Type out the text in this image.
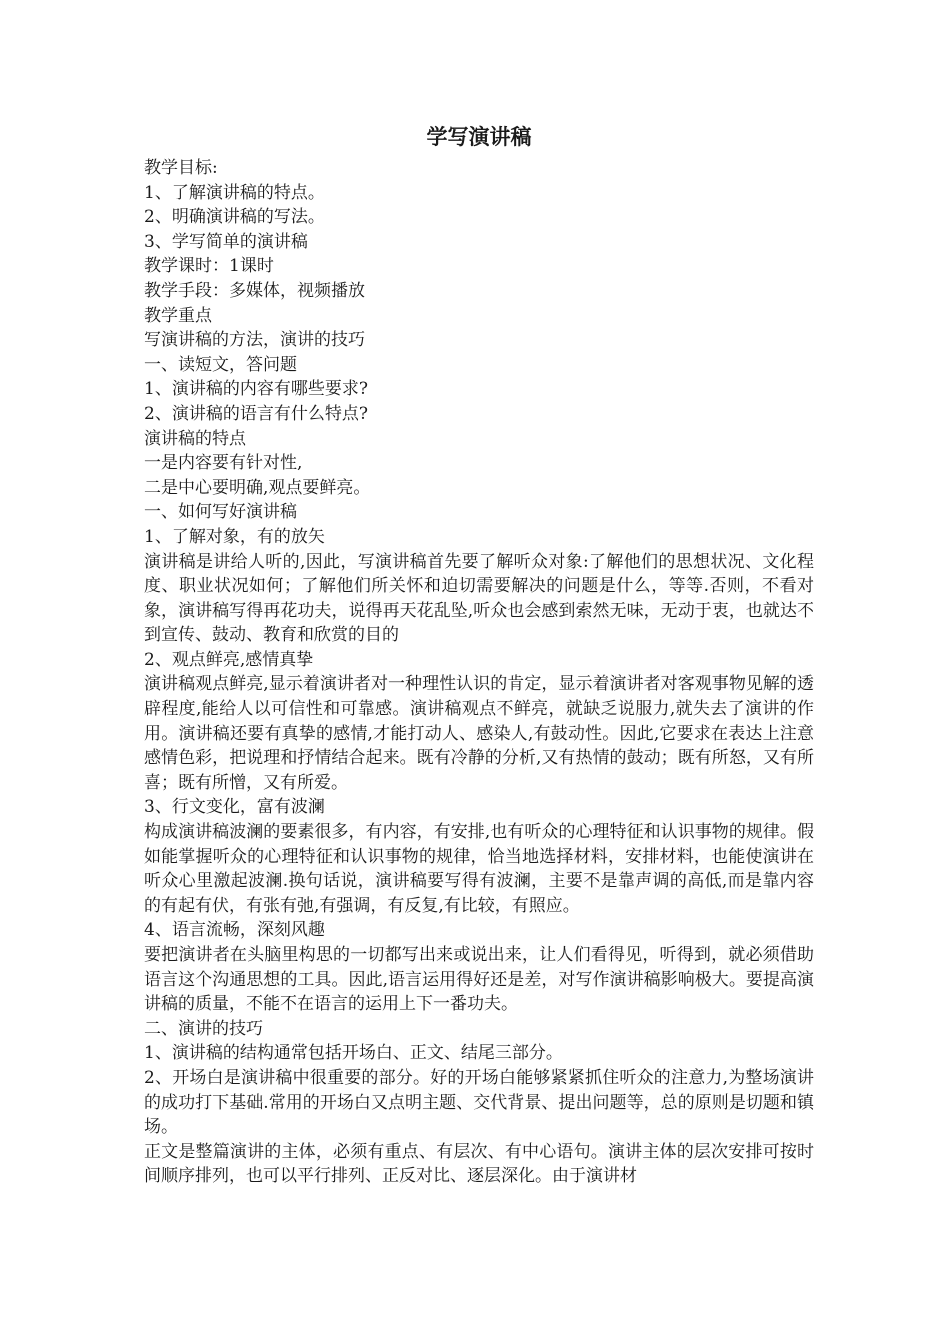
学写演讲稿

教学目标:

1、了解演讲稿的特点。

2、明确演讲稿的写法。

3、学写简单的演讲稿

教学课时：1课时

教学手段：多媒体，视频播放

教学重点

写演讲稿的方法，演讲的技巧

一、读短文，答问题

1、演讲稿的内容有哪些要求?

2、演讲稿的语言有什么特点?

演讲稿的特点

一是内容要有针对性,

二是中心要明确,观点要鲜亮。

一、如何写好演讲稿

1、了解对象，有的放矢

演讲稿是讲给人听的,因此，写演讲稿首先要了解听众对象:了解他们的思想状况、文化程度、职业状况如何；了解他们所关怀和迫切需要解决的问题是什么，等等.否则，不看对象，演讲稿写得再花功夫，说得再天花乱坠,听众也会感到索然无味，无动于衷，也就达不到宣传、鼓动、教育和欣赏的目的

2、观点鲜亮,感情真挚

演讲稿观点鲜亮,显示着演讲者对一种理性认识的肯定，显示着演讲者对客观事物见解的透辟程度,能给人以可信性和可靠感。演讲稿观点不鲜亮，就缺乏说服力,就失去了演讲的作用。演讲稿还要有真挚的感情,才能打动人、感染人,有鼓动性。因此,它要求在表达上注意感情色彩，把说理和抒情结合起来。既有冷静的分析,又有热情的鼓动；既有所怒，又有所喜；既有所憎，又有所爱。

3、行文变化，富有波澜

构成演讲稿波澜的要素很多，有内容，有安排,也有听众的心理特征和认识事物的规律。假如能掌握听众的心理特征和认识事物的规律，恰当地选择材料，安排材料，也能使演讲在听众心里激起波澜.换句话说，演讲稿要写得有波澜，主要不是靠声调的高低,而是靠内容的有起有伏，有张有弛,有强调，有反复,有比较，有照应。

4、语言流畅，深刻风趣

要把演讲者在头脑里构思的一切都写出来或说出来，让人们看得见，听得到，就必须借助语言这个沟通思想的工具。因此,语言运用得好还是差，对写作演讲稿影响极大。要提高演讲稿的质量，不能不在语言的运用上下一番功夫。

二、演讲的技巧

1、演讲稿的结构通常包括开场白、正文、结尾三部分。

2、开场白是演讲稿中很重要的部分。好的开场白能够紧紧抓住听众的注意力,为整场演讲的成功打下基础.常用的开场白又点明主题、交代背景、提出问题等，总的原则是切题和镇场。

正文是整篇演讲的主体，必须有重点、有层次、有中心语句。演讲主体的层次安排可按时间顺序排列，也可以平行排列、正反对比、逐层深化。由于演讲材
